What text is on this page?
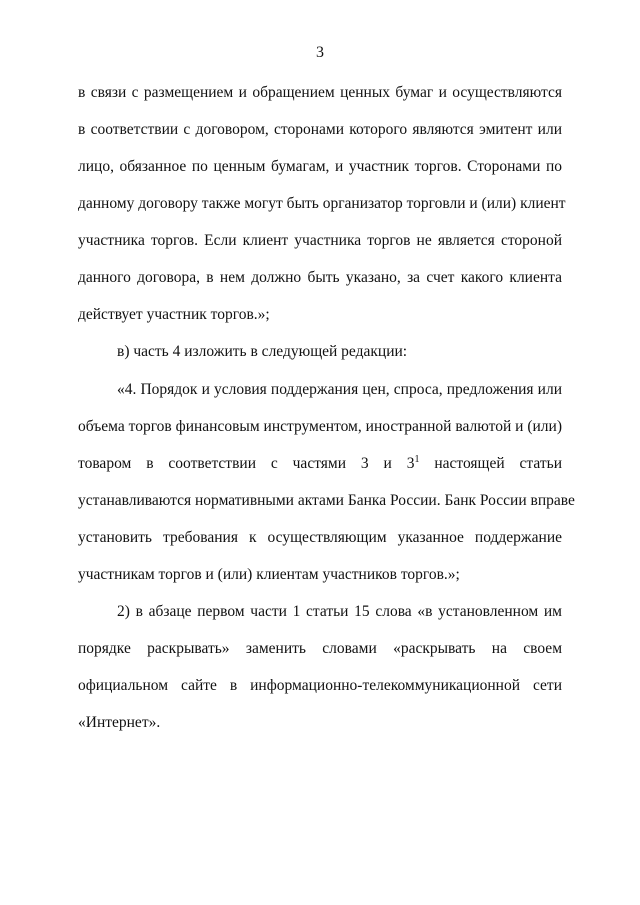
3
в связи с размещением и обращением ценных бумаг и осуществляются
в соответствии с договором, сторонами которого являются эмитент или
лицо, обязанное по ценным бумагам, и участник торгов. Сторонами по
данному договору также могут быть организатор торговли и (или) клиент
участника торгов. Если клиент участника торгов не является стороной
данного договора, в нем должно быть указано, за счет какого клиента
действует участник торгов.»;
в) часть 4 изложить в следующей редакции:
«4. Порядок и условия поддержания цен, спроса, предложения или
объема торгов финансовым инструментом, иностранной валютой и (или)
товаром в соответствии с частями 3 и $3^1$ настоящей статьи
устанавливаются нормативными актами Банка России. Банк России вправе
установить требования к осуществляющим указанное поддержание
участникам торгов и (или) клиентам участников торгов.»;
2) в абзаце первом части 1 статьи 15 слова «в установленном им
порядке раскрывать» заменить словами «раскрывать на своем
официальном сайте в информационно-телекоммуникационной сети
«Интернет».
